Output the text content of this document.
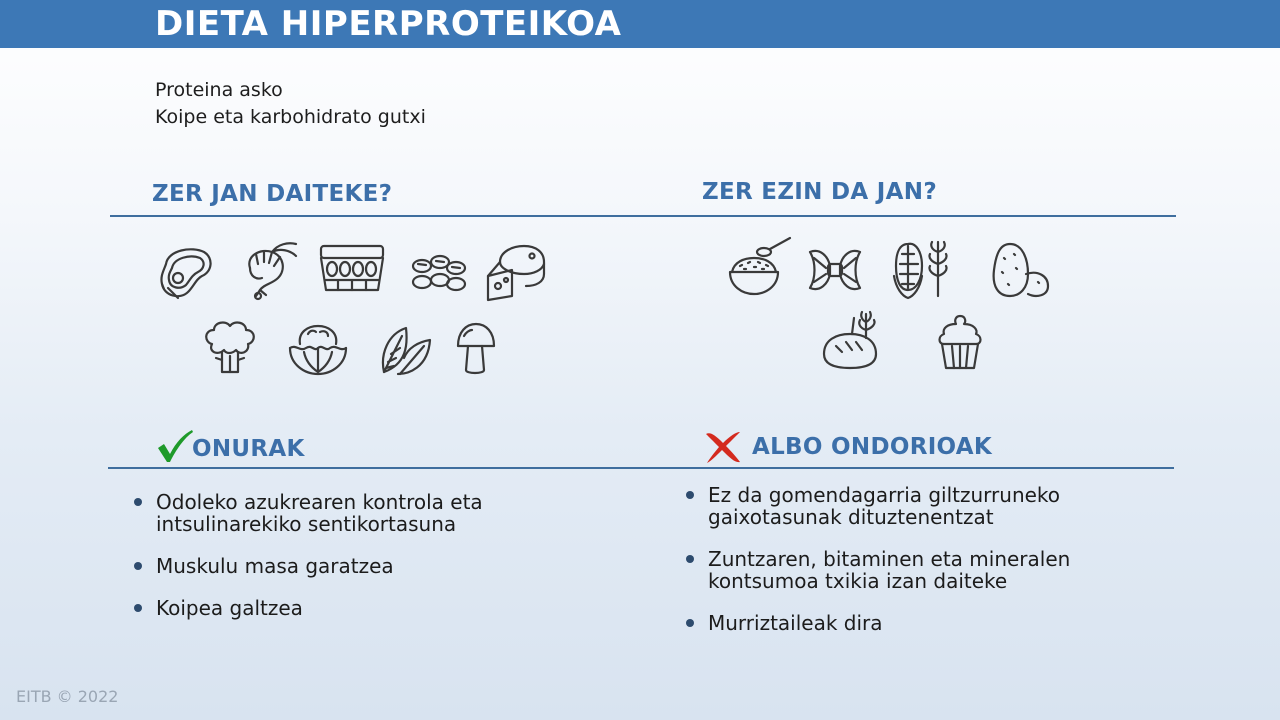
DIETA HIPERPROTEIKOA
Proteina asko
Koipe eta karbohidrato gutxi
ZER JAN DAITEKE?	ZER EZIN DA JAN?
ONURAK	ALBO ONDORIOAK
Odoleko azukrearen kontrola eta
intsulinarekiko sentikortasuna
Muskulu masa garatzea
Koipea galtzea
Ez da gomendagarria giltzurruneko
gaixotasunak dituztenentzat
Zuntzaren, bitaminen eta mineralen
kontsumoa txikia izan daiteke
Murriztaileak dira
EITB © 2022
